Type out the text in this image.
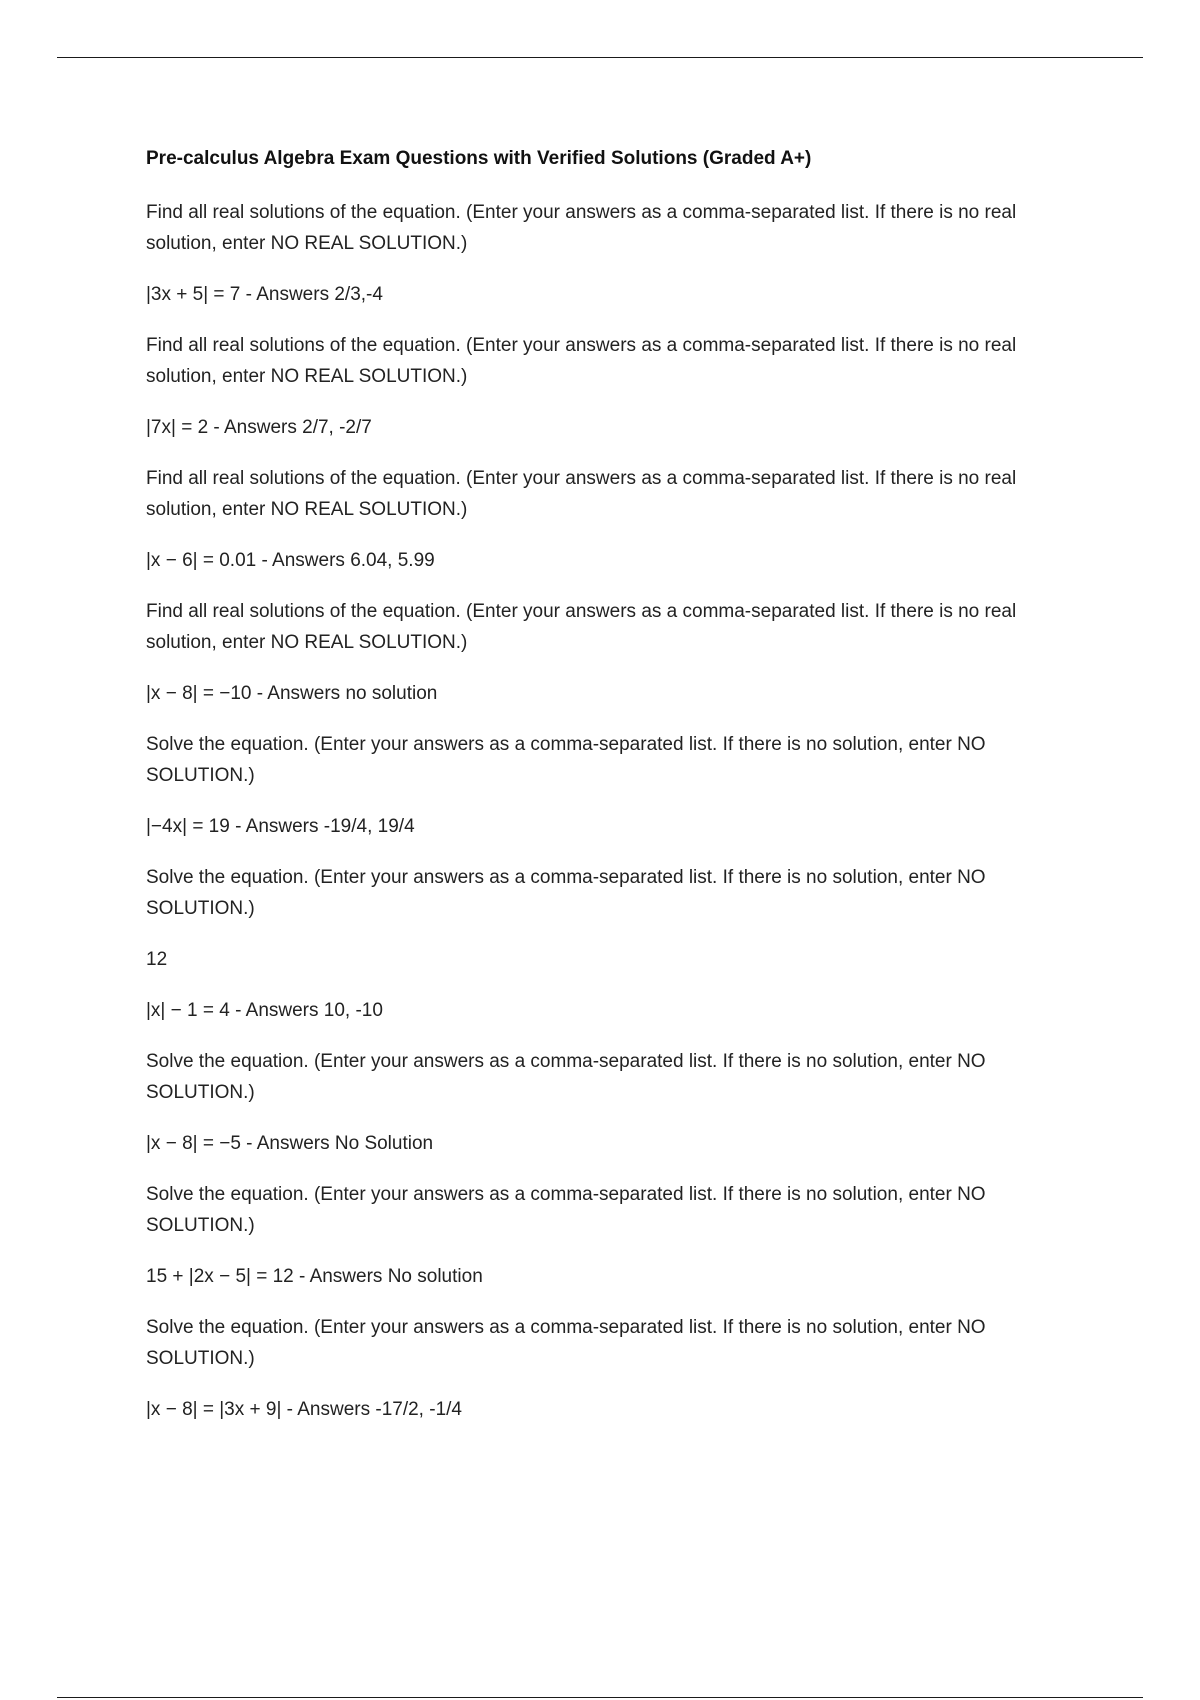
Pre-calculus Algebra Exam Questions with Verified Solutions (Graded A+)

Find all real solutions of the equation. (Enter your answers as a comma-separated list. If there is no real solution, enter NO REAL SOLUTION.)

|3x + 5| = 7 - Answers 2/3,-4

Find all real solutions of the equation. (Enter your answers as a comma-separated list. If there is no real solution, enter NO REAL SOLUTION.)

|7x| = 2 - Answers 2/7, -2/7

Find all real solutions of the equation. (Enter your answers as a comma-separated list. If there is no real solution, enter NO REAL SOLUTION.)

|x − 6| = 0.01 - Answers 6.04, 5.99

Find all real solutions of the equation. (Enter your answers as a comma-separated list. If there is no real solution, enter NO REAL SOLUTION.)

|x − 8| = −10 - Answers no solution

Solve the equation. (Enter your answers as a comma-separated list. If there is no solution, enter NO SOLUTION.)

|−4x| = 19 - Answers -19/4, 19/4

Solve the equation. (Enter your answers as a comma-separated list. If there is no solution, enter NO SOLUTION.)

12

|x| − 1 = 4 - Answers 10, -10

Solve the equation. (Enter your answers as a comma-separated list. If there is no solution, enter NO SOLUTION.)

|x − 8| = −5 - Answers No Solution

Solve the equation. (Enter your answers as a comma-separated list. If there is no solution, enter NO SOLUTION.)

15 + |2x − 5| = 12 - Answers No solution

Solve the equation. (Enter your answers as a comma-separated list. If there is no solution, enter NO SOLUTION.)

|x − 8| = |3x + 9| - Answers -17/2, -1/4
